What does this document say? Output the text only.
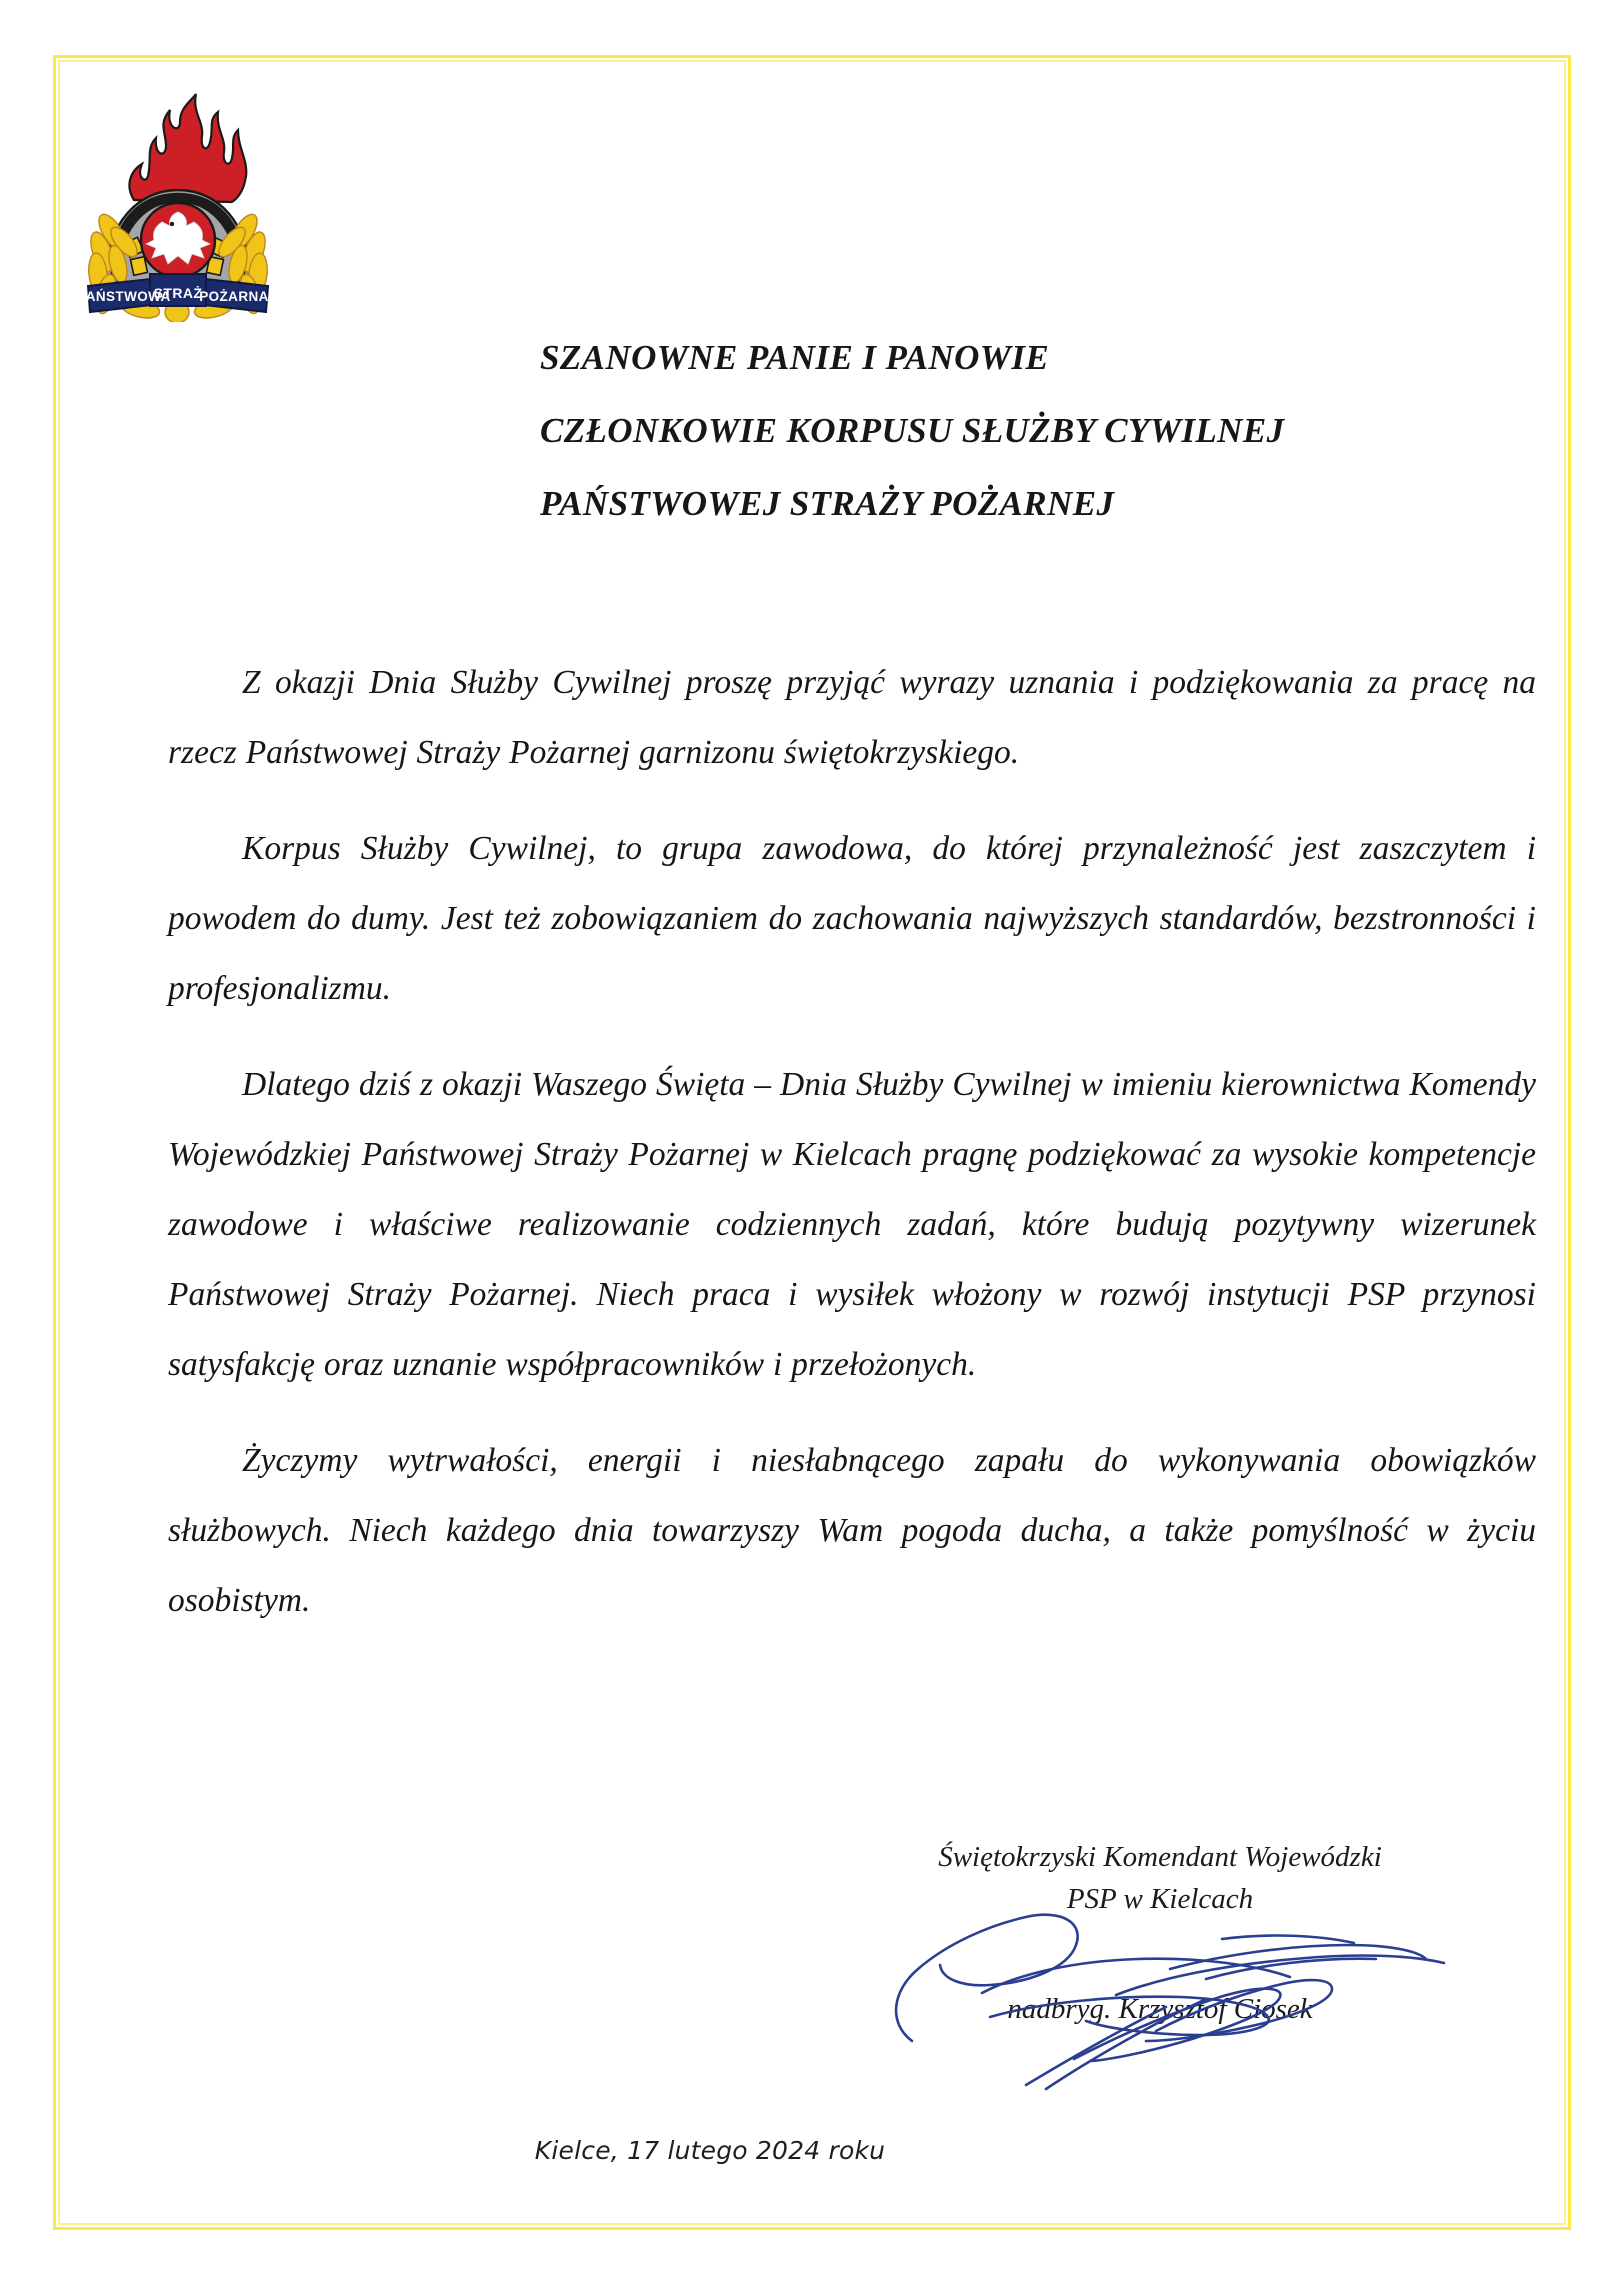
PAŃSTWOWA
STRAŻ
POŻARNA
SZANOWNE PANIE I PANOWIE
CZŁONKOWIE KORPUSU SŁUŻBY CYWILNEJ
PAŃSTWOWEJ STRAŻY POŻARNEJ

Z okazji Dnia Służby Cywilnej proszę przyjąć wyrazy uznania i podziękowania za pracę na rzecz Państwowej Straży Pożarnej garnizonu świętokrzyskiego.

Korpus Służby Cywilnej, to grupa zawodowa, do której przynależność jest zaszczytem i powodem do dumy. Jest też zobowiązaniem do zachowania najwyższych standardów, bezstronności i profesjonalizmu.

Dlatego dziś z okazji Waszego Święta – Dnia Służby Cywilnej w imieniu kierownictwa Komendy Wojewódzkiej Państwowej Straży Pożarnej w Kielcach pragnę podziękować za wysokie kompetencje zawodowe i właściwe realizowanie codziennych zadań, które budują pozytywny wizerunek Państwowej Straży Pożarnej. Niech praca i wysiłek włożony w rozwój instytucji PSP przynosi satysfakcję oraz uznanie współpracowników i przełożonych.

Życzymy wytrwałości, energii i niesłabnącego zapału do wykonywania obowiązków służbowych. Niech każdego dnia towarzyszy Wam pogoda ducha, a także pomyślność w życiu osobistym.

Świętokrzyski Komendant Wojewódzki
PSP w Kielcach
nadbryg. Krzysztof Ciosek
Kielce, 17 lutego 2024 roku
